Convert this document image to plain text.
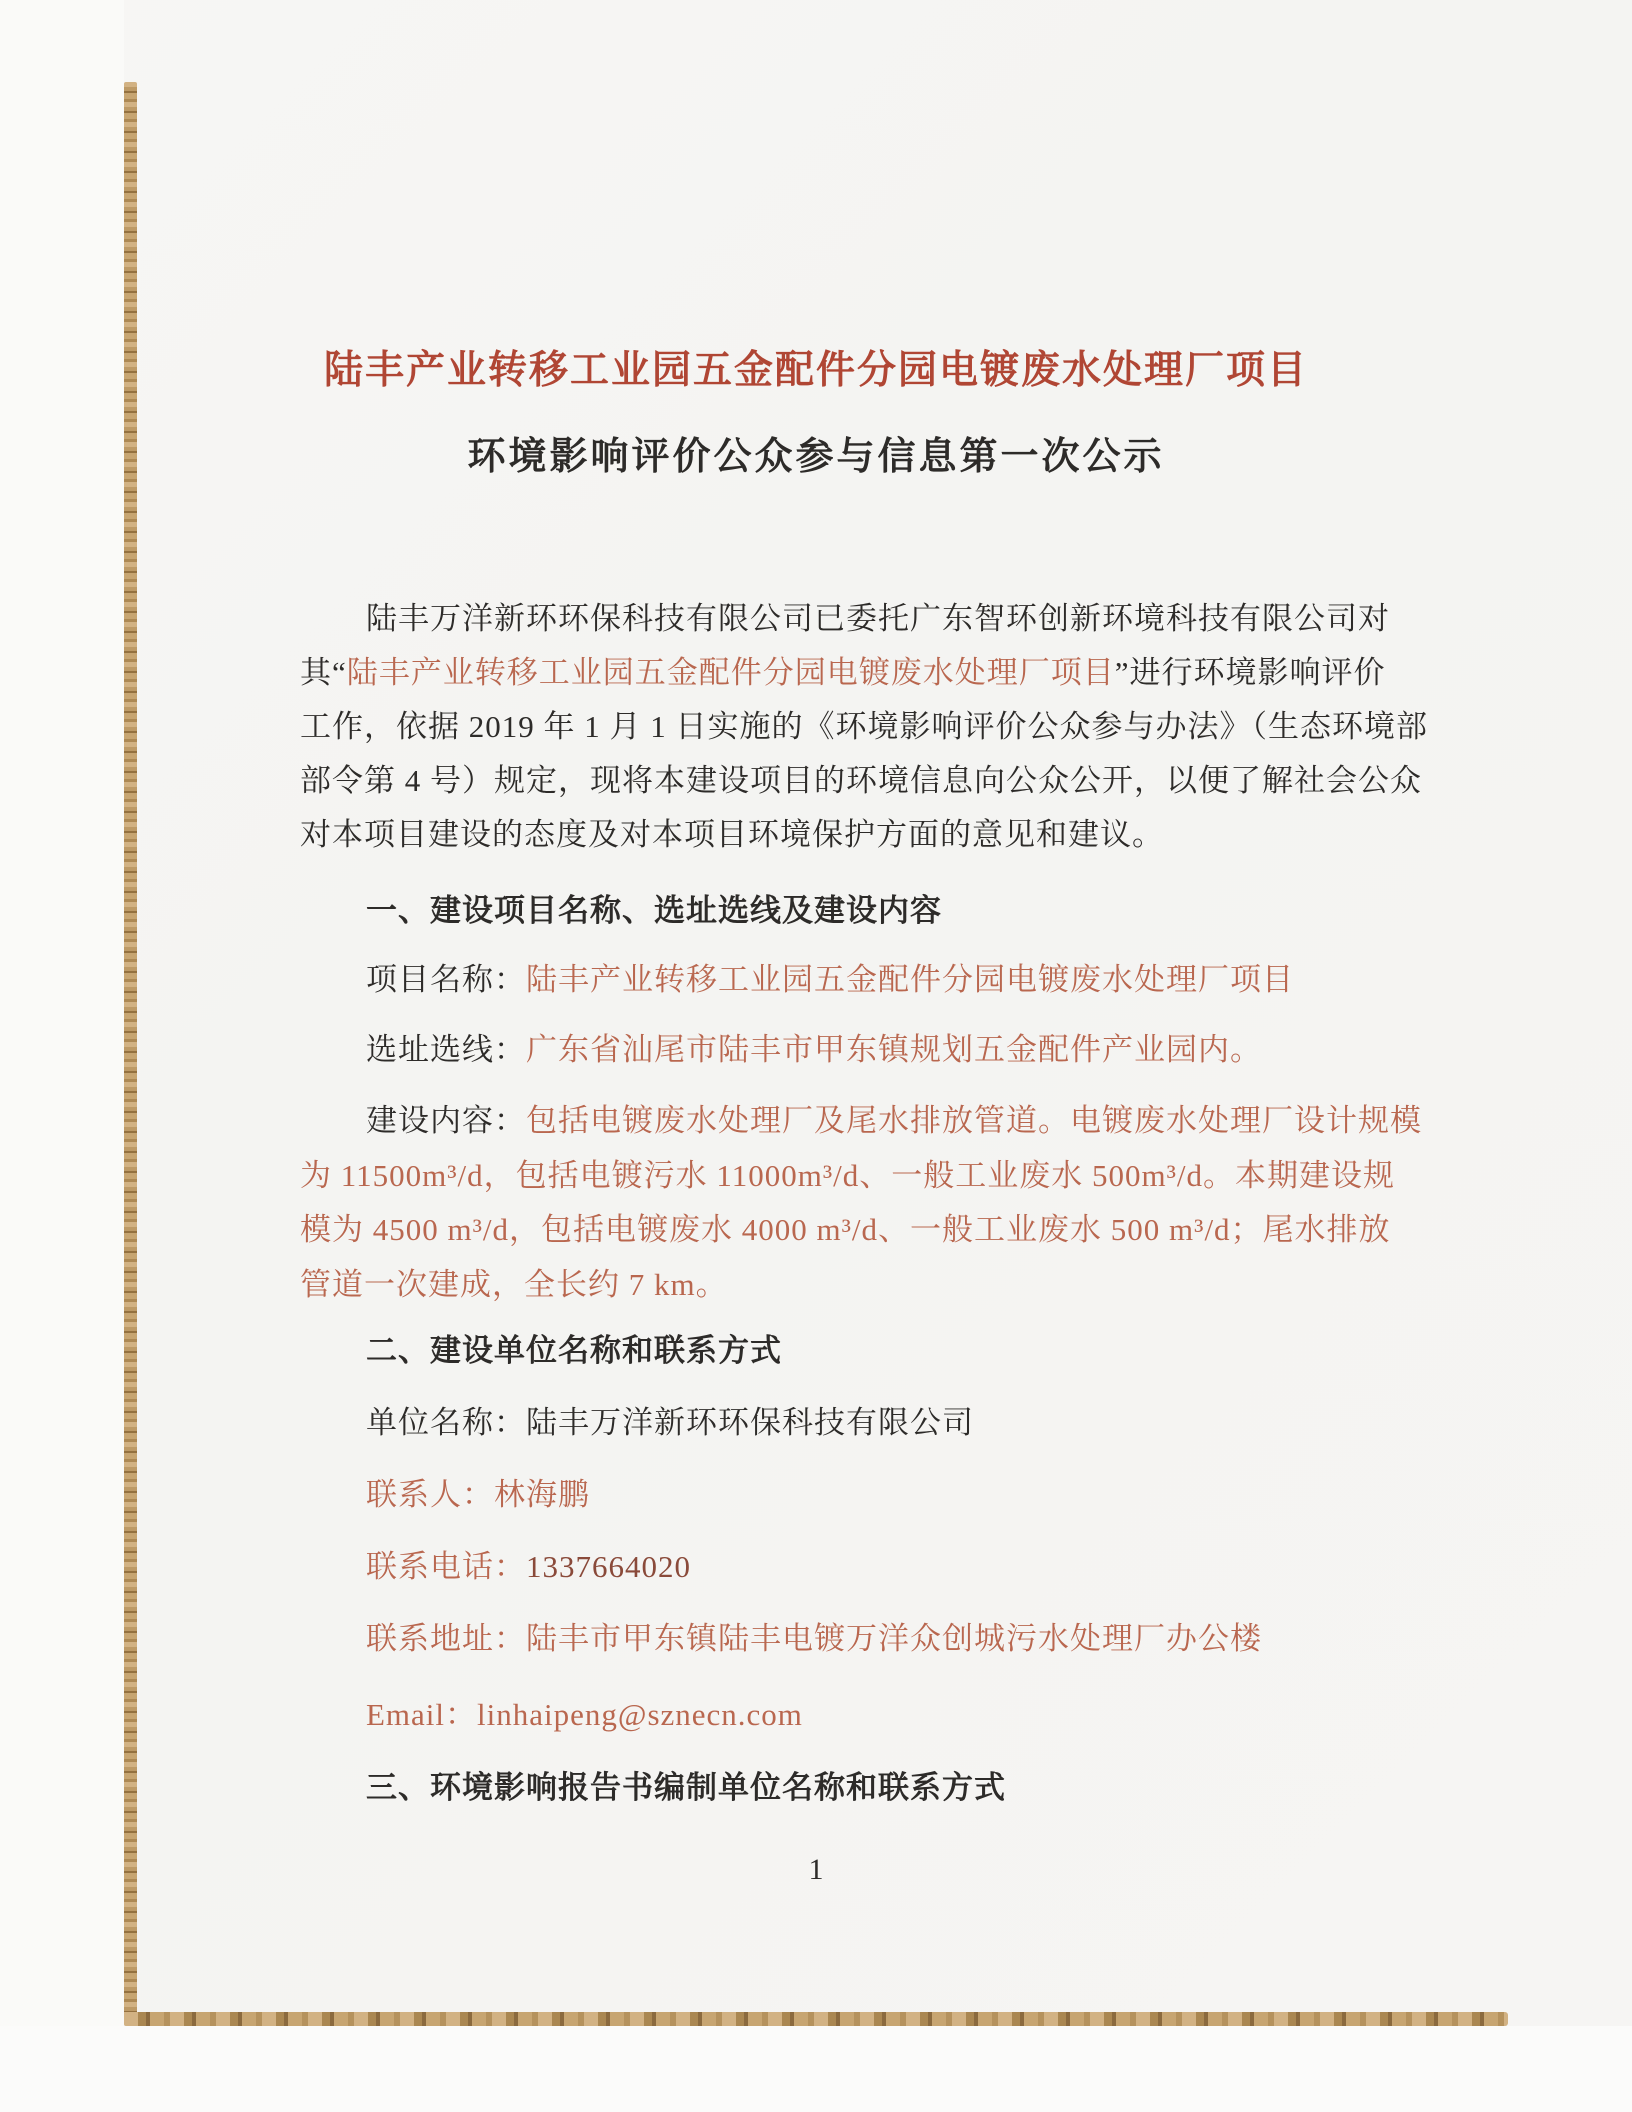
陆丰产业转移工业园五金配件分园电镀废水处理厂项目
环境影响评价公众参与信息第一次公示
陆丰万洋新环环保科技有限公司已委托广东智环创新环境科技有限公司对
其“陆丰产业转移工业园五金配件分园电镀废水处理厂项目”进行环境影响评价
工作，依据 2019 年 1 月 1 日实施的《环境影响评价公众参与办法》（生态环境部
部令第 4 号）规定，现将本建设项目的环境信息向公众公开，以便了解社会公众
对本项目建设的态度及对本项目环境保护方面的意见和建议。
一、建设项目名称、选址选线及建设内容
项目名称：陆丰产业转移工业园五金配件分园电镀废水处理厂项目
选址选线：广东省汕尾市陆丰市甲东镇规划五金配件产业园内。
建设内容：包括电镀废水处理厂及尾水排放管道。电镀废水处理厂设计规模
为 11500m³/d，包括电镀污水 11000m³/d、一般工业废水 500m³/d。本期建设规
模为 4500 m³/d，包括电镀废水 4000 m³/d、一般工业废水 500 m³/d；尾水排放
管道一次建成，全长约 7 km。
二、建设单位名称和联系方式
单位名称：陆丰万洋新环环保科技有限公司
联系人：林海鹏
联系电话：1337664020
联系地址：陆丰市甲东镇陆丰电镀万洋众创城污水处理厂办公楼
Email：linhaipeng@sznecn.com
三、环境影响报告书编制单位名称和联系方式
1
